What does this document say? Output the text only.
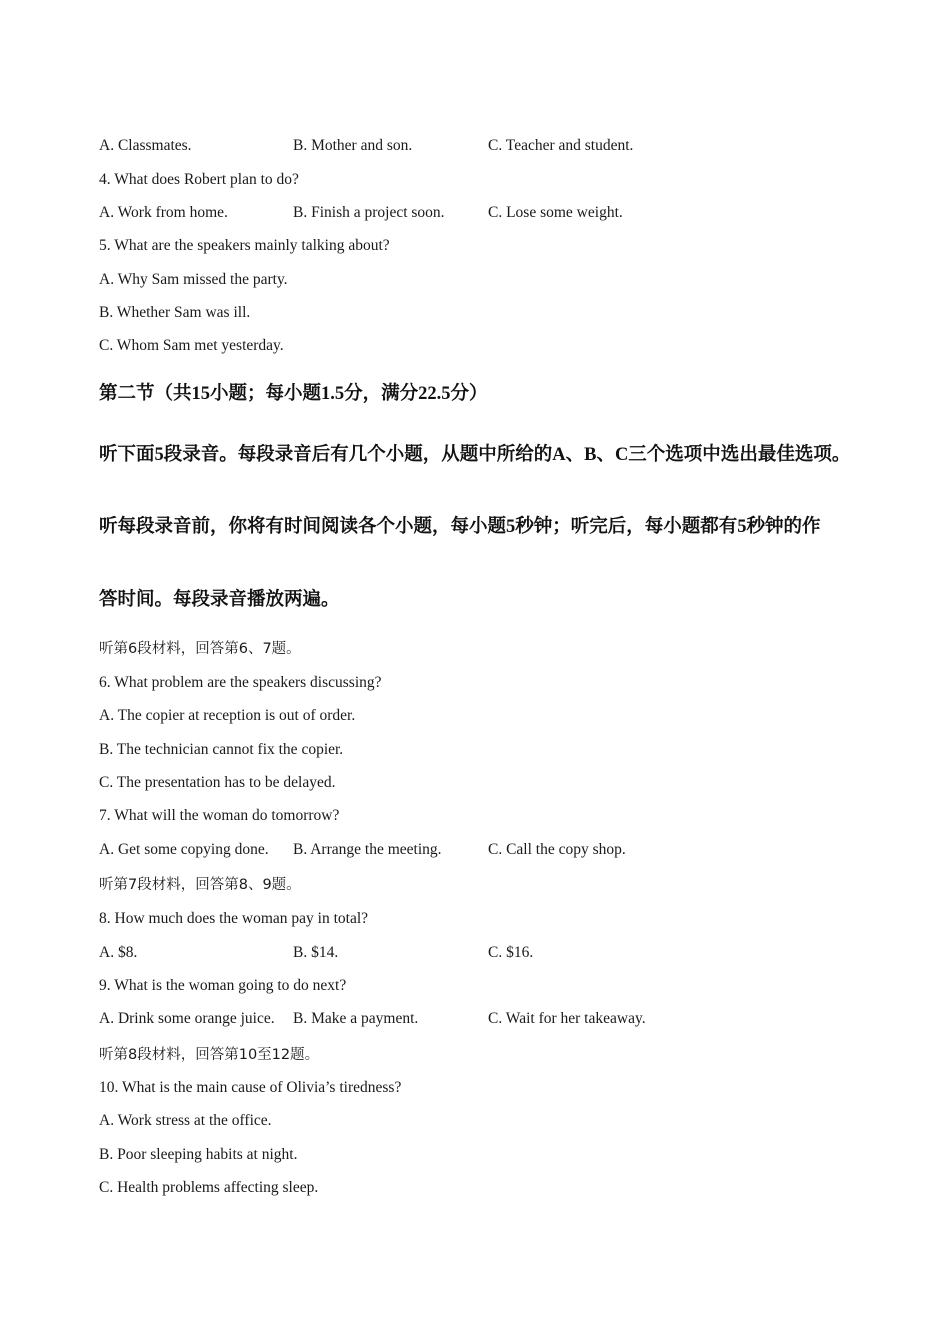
A. Classmates.	B. Mother and son.	C. Teacher and student.
4. What does Robert plan to do?
A. Work from home.	B. Finish a project soon.	C. Lose some weight.
5. What are the speakers mainly talking about?
A. Why Sam missed the party.
B. Whether Sam was ill.
C. Whom Sam met yesterday.
第二节（共15小题；每小题1.5分，满分22.5分）
听下面5段录音。每段录音后有几个小题，从题中所给的A、B、C三个选项中选出最佳选项。
听每段录音前，你将有时间阅读各个小题，每小题5秒钟；听完后，每小题都有5秒钟的作
答时间。每段录音播放两遍。
听第6段材料，回答第6、7题。
6. What problem are the speakers discussing?
A. The copier at reception is out of order.
B. The technician cannot fix the copier.
C. The presentation has to be delayed.
7. What will the woman do tomorrow?
A. Get some copying done. B. Arrange the meeting.	C. Call the copy shop.
听第7段材料，回答第8、9题。
8. How much does the woman pay in total?
A. $8.	B. $14.	C. $16.
9. What is the woman going to do next?
A. Drink some orange juice. B. Make a payment.	C. Wait for her takeaway.
听第8段材料，回答第10至12题。
10. What is the main cause of Olivia’s tiredness?
A. Work stress at the office.
B. Poor sleeping habits at night.
C. Health problems affecting sleep.
